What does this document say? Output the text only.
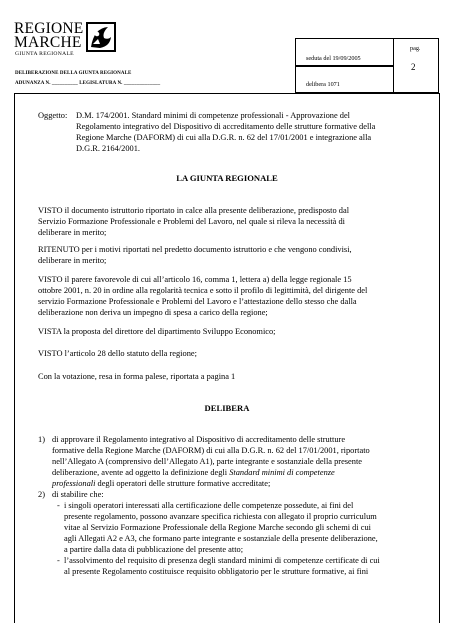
REGIONE
MARCHE
GIUNTA REGIONALE
DELIBERAZIONE DELLA GIUNTA REGIONALE
ADUNANZA N. __________ LEGISLATURA N. ______________
seduta del 19/09/2005
delibera 1071
pag.
2
Oggetto: D.M. 174/2001. Standard minimi di competenze professionali - Approvazione del
Regolamento integrativo del Dispositivo di accreditamento delle strutture formative della
Regione Marche (DAFORM) di cui alla D.G.R. n. 62 del 17/01/2001 e integrazione alla
D.G.R. 2164/2001.
LA GIUNTA REGIONALE
VISTO il documento istruttorio riportato in calce alla presente deliberazione, predisposto dal
Servizio Formazione Professionale e Problemi del Lavoro, nel quale si rileva la necessità di
deliberare in merito;
RITENUTO per i motivi riportati nel predetto documento istruttorio e che vengono condivisi,
deliberare in merito;
VISTO il parere favorevole di cui all’articolo 16, comma 1, lettera a) della legge regionale 15
ottobre 2001, n. 20 in ordine alla regolarità tecnica e sotto il profilo di legittimità, del dirigente del
servizio Formazione Professionale e Problemi del Lavoro e l’attestazione dello stesso che dalla
deliberazione non deriva un impegno di spesa a carico della regione;
VISTA la proposta del direttore del dipartimento Sviluppo Economico;
VISTO l’articolo 28 dello statuto della regione;
Con la votazione, resa in forma palese, riportata a pagina 1
DELIBERA
1) di approvare il Regolamento integrativo al Dispositivo di accreditamento delle strutture
formative della Regione Marche (DAFORM) di cui alla D.G.R. n. 62 del 17/01/2001, riportato
nell’Allegato A (comprensivo dell’Allegato A1), parte integrante e sostanziale della presente
deliberazione, avente ad oggetto la definizione degli Standard minimi di competenze
professionali degli operatori delle strutture formative accreditate;
2) di stabilire che:
- i singoli operatori interessati alla certificazione delle competenze possedute, ai fini del
presente regolamento, possono avanzare specifica richiesta con allegato il proprio curriculum
vitae al Servizio Formazione Professionale della Regione Marche secondo gli schemi di cui
agli Allegati A2 e A3, che formano parte integrante e sostanziale della presente deliberazione,
a partire dalla data di pubblicazione del presente atto;
- l’assolvimento del requisito di presenza degli standard minimi di competenze certificate di cui
al presente Regolamento costituisce requisito obbligatorio per le strutture formative, ai fini
